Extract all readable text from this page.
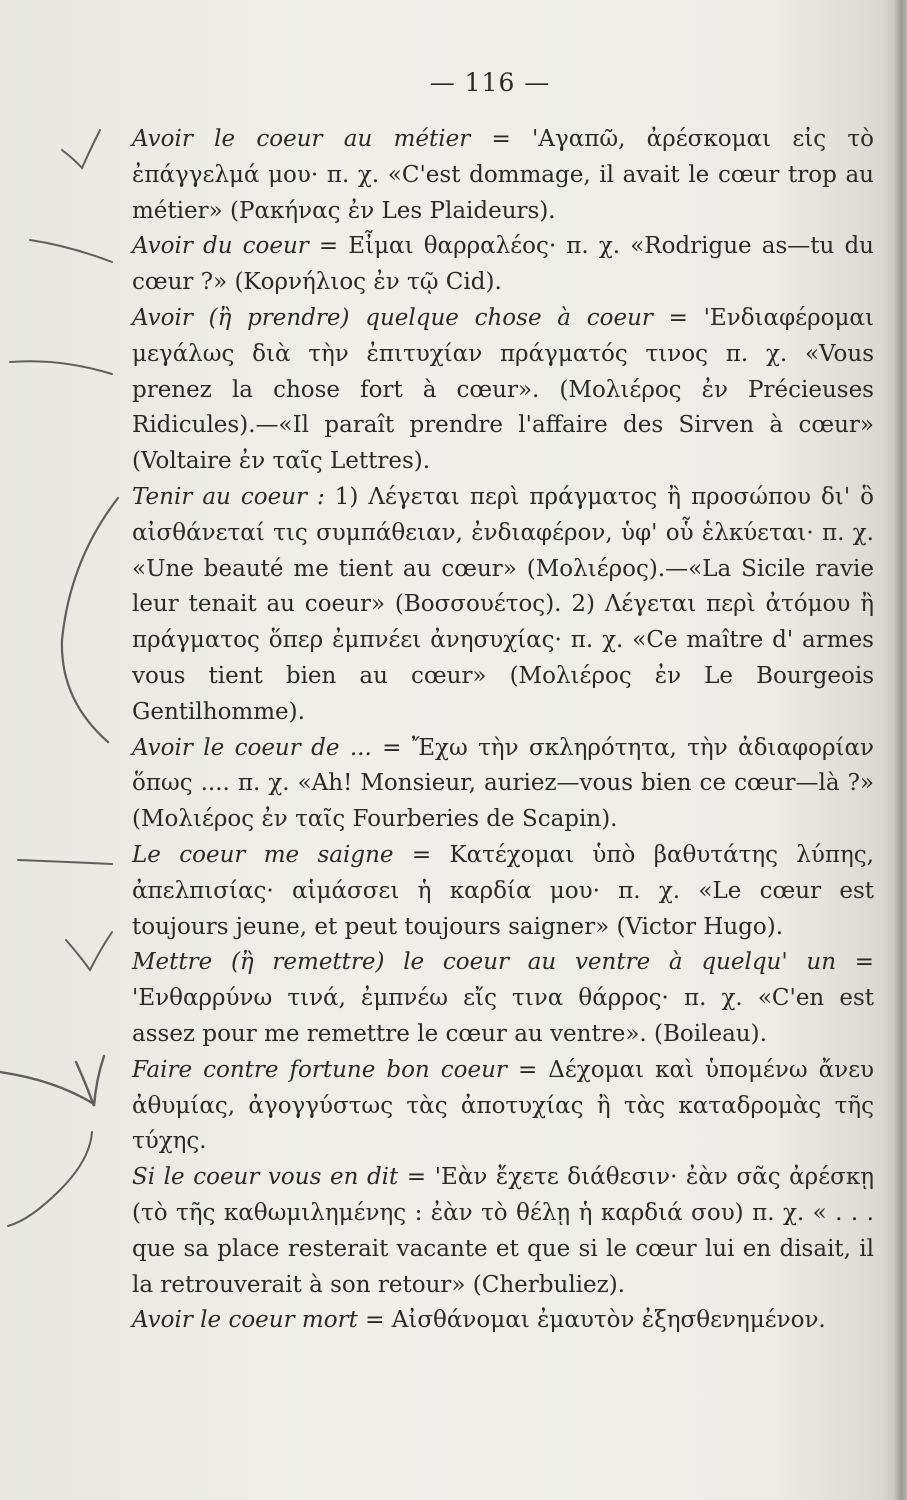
— 116 —

Avoir le coeur au métier = 'Αγαπῶ, ἀρέσκομαι εἰς τὸ ἐπάγγελμά μου· π. χ. «C'est dommage, il avait le cœur trop au métier» (Ρακήνας ἐν Les Plaideurs).

Avoir du coeur = Εἶμαι θαρραλέος· π. χ. «Rodrigue as—tu du cœur ?» (Κορνήλιος ἐν τῷ Cid).

Avoir (ἢ prendre) quelque chose à coeur = 'Ενδιαφέρομαι μεγάλως διὰ τὴν ἐπιτυχίαν πράγματός τινος π. χ. «Vous prenez la chose fort à cœur». (Μολιέρος ἐν Précieuses Ridicules).—«Il paraît prendre l'affaire des Sirven à cœur» (Voltaire ἐν ταῖς Lettres).

Tenir au coeur : 1) Λέγεται περὶ πράγματος ἢ προσώπου δι' ὃ αἰσθάνεταί τις συμπάθειαν, ἐνδιαφέρον, ὑφ' οὗ ἑλκύεται· π. χ. «Une beauté me tient au cœur» (Μολιέρος).—«La Sicile ravie leur tenait au coeur» (Βοσσουέτος). 2) Λέγεται περὶ ἀτόμου ἢ πράγματος ὅπερ ἐμπνέει ἀνησυχίας· π. χ. «Ce maître d' armes vous tient bien au cœur» (Μολιέρος ἐν Le Bourgeois Gentilhomme).

Avoir le coeur de ... = Ἔχω τὴν σκληρότητα, τὴν ἀδιαφορίαν ὅπως .... π. χ. «Ah! Monsieur, auriez—vous bien ce cœur—là ?» (Μολιέρος ἐν ταῖς Fourberies de Scapin).

Le coeur me saigne = Κατέχομαι ὑπὸ βαθυτάτης λύπης, ἀπελπισίας· αἱμάσσει ἡ καρδία μου· π. χ. «Le cœur est toujours jeune, et peut toujours saigner» (Victor Hugo).

Mettre (ἢ remettre) le coeur au ventre à quelqu' un = 'Ενθαρρύνω τινά, ἐμπνέω εἴς τινα θάρρος· π. χ. «C'en est assez pour me remettre le cœur au ventre». (Boileau).

Faire contre fortune bon coeur = Δέχομαι καὶ ὑπομένω ἄνευ ἀθυμίας, ἀγογγύστως τὰς ἀποτυχίας ἢ τὰς καταδρομὰς τῆς τύχης.

Si le coeur vous en dit = 'Εὰν ἔχετε διάθεσιν· ἐὰν σᾶς ἀρέσκῃ (τὸ τῆς καθωμιλημένης : ἐὰν τὸ θέλῃ ἡ καρδιά σου) π. χ. « . . . que sa place resterait vacante et que si le cœur lui en disait, il la retrouverait à son retour» (Cherbuliez).

Avoir le coeur mort = Αἰσθάνομαι ἐμαυτὸν ἐξησθενημένον.
